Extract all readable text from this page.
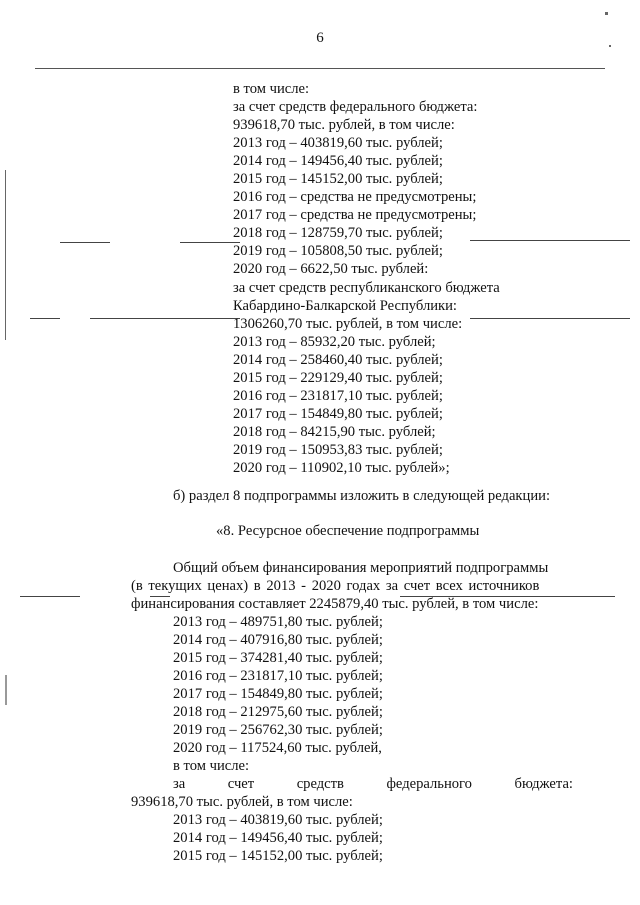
6
в том числе:
за счет средств федерального бюджета:
939618,70 тыс. рублей, в том числе:
2013 год – 403819,60 тыс. рублей;
2014 год – 149456,40 тыс. рублей;
2015 год – 145152,00 тыс. рублей;
2016 год – средства не предусмотрены;
2017 год – средства не предусмотрены;
2018 год – 128759,70 тыс. рублей;
2019 год – 105808,50 тыс. рублей;
2020 год – 6622,50 тыс. рублей:
за счет средств республиканского бюджета
Кабардино-Балкарской Республики:
1306260,70 тыс. рублей, в том числе:
2013 год – 85932,20 тыс. рублей;
2014 год – 258460,40 тыс. рублей;
2015 год – 229129,40 тыс. рублей;
2016 год – 231817,10 тыс. рублей;
2017 год – 154849,80 тыс. рублей;
2018 год – 84215,90 тыс. рублей;
2019 год – 150953,83 тыс. рублей;
2020 год – 110902,10 тыс. рублей»;
б) раздел 8 подпрограммы изложить в следующей редакции:
«8. Ресурсное обеспечение подпрограммы
Общий объем финансирования мероприятий подпрограммы
(в текущих ценах) в 2013 - 2020 годах за счет всех источников
финансирования составляет 2245879,40 тыс. рублей, в том числе:
2013 год – 489751,80 тыс. рублей;
2014 год – 407916,80 тыс. рублей;
2015 год – 374281,40 тыс. рублей;
2016 год – 231817,10 тыс. рублей;
2017 год – 154849,80 тыс. рублей;
2018 год – 212975,60 тыс. рублей;
2019 год – 256762,30 тыс. рублей;
2020 год – 117524,60 тыс. рублей,
в том числе:
за	счет	средств	федерального	бюджета:
939618,70 тыс. рублей, в том числе:
2013 год – 403819,60 тыс. рублей;
2014 год – 149456,40 тыс. рублей;
2015 год – 145152,00 тыс. рублей;
